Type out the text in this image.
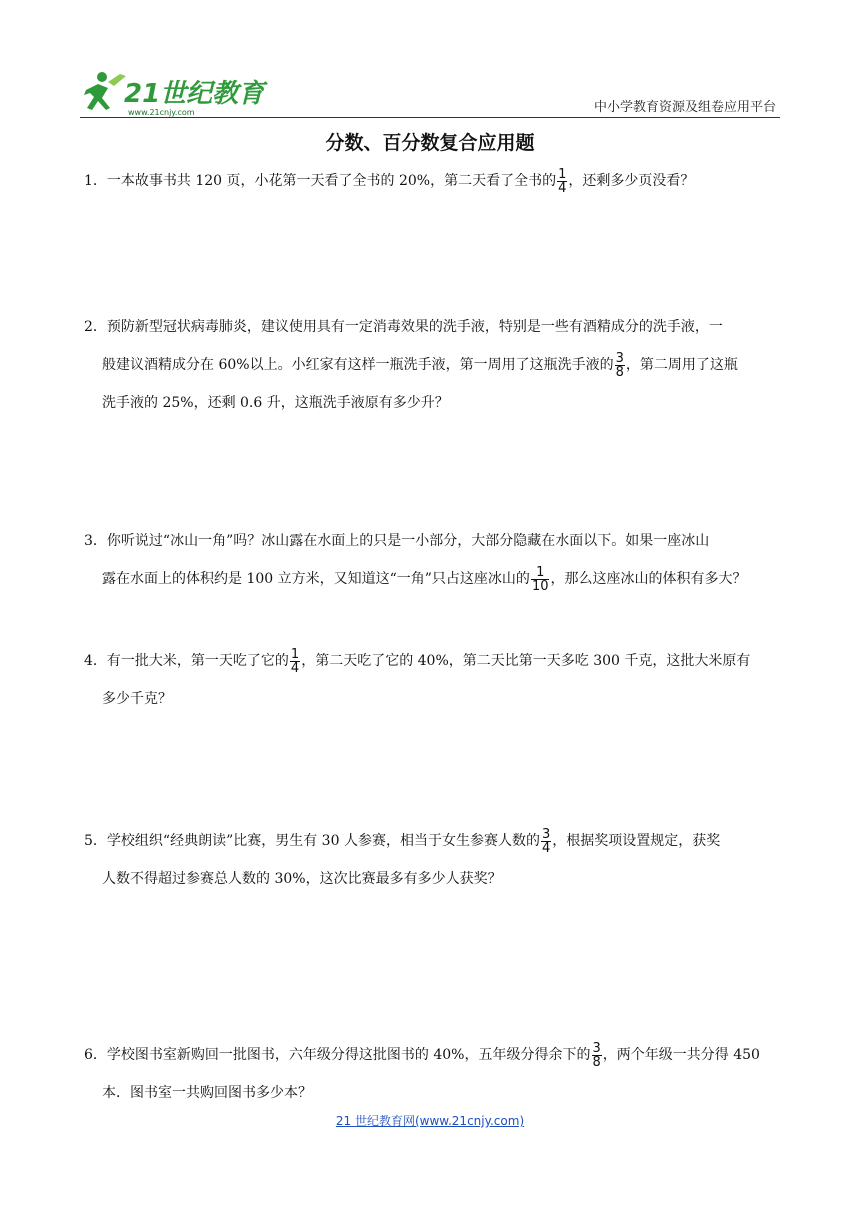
21世纪教育
www.21cnjy.com	中小学教育资源及组卷应用平台
分数、百分数复合应用题
1．一本故事书共 120 页，小花第一天看了全书的 20%，第二天看了全书的 $\frac{1}{4}$ ，还剩多少页没看？
2．预防新型冠状病毒肺炎，建议使用具有一定消毒效果的洗手液，特别是一些有酒精成分的洗手液，一
般建议酒精成分在 60%以上。小红家有这样一瓶洗手液，第一周用了这瓶洗手液的 $\frac{3}{8}$ ，第二周用了这瓶
洗手液的 25%，还剩 0.6 升，这瓶洗手液原有多少升？
3．你听说过“冰山一角”吗？冰山露在水面上的只是一小部分，大部分隐藏在水面以下。如果一座冰山
露在水面上的体积约是 100 立方米，又知道这“一角”只占这座冰山的 $\frac{1}{10}$ ，那么这座冰山的体积有多大？
4．有一批大米，第一天吃了它的 $\frac{1}{4}$ ，第二天吃了它的 40%，第二天比第一天多吃 300 千克，这批大米原有
多少千克？
5．学校组织“经典朗读”比赛，男生有 30 人参赛，相当于女生参赛人数的 $\frac{3}{4}$ ，根据奖项设置规定，获奖
人数不得超过参赛总人数的 30%，这次比赛最多有多少人获奖？
6．学校图书室新购回一批图书，六年级分得这批图书的 40%，五年级分得余下的 $\frac{3}{8}$ ，两个年级一共分得 450
本．图书室一共购回图书多少本？
21 世纪教育网(www.21cnjy.com)
